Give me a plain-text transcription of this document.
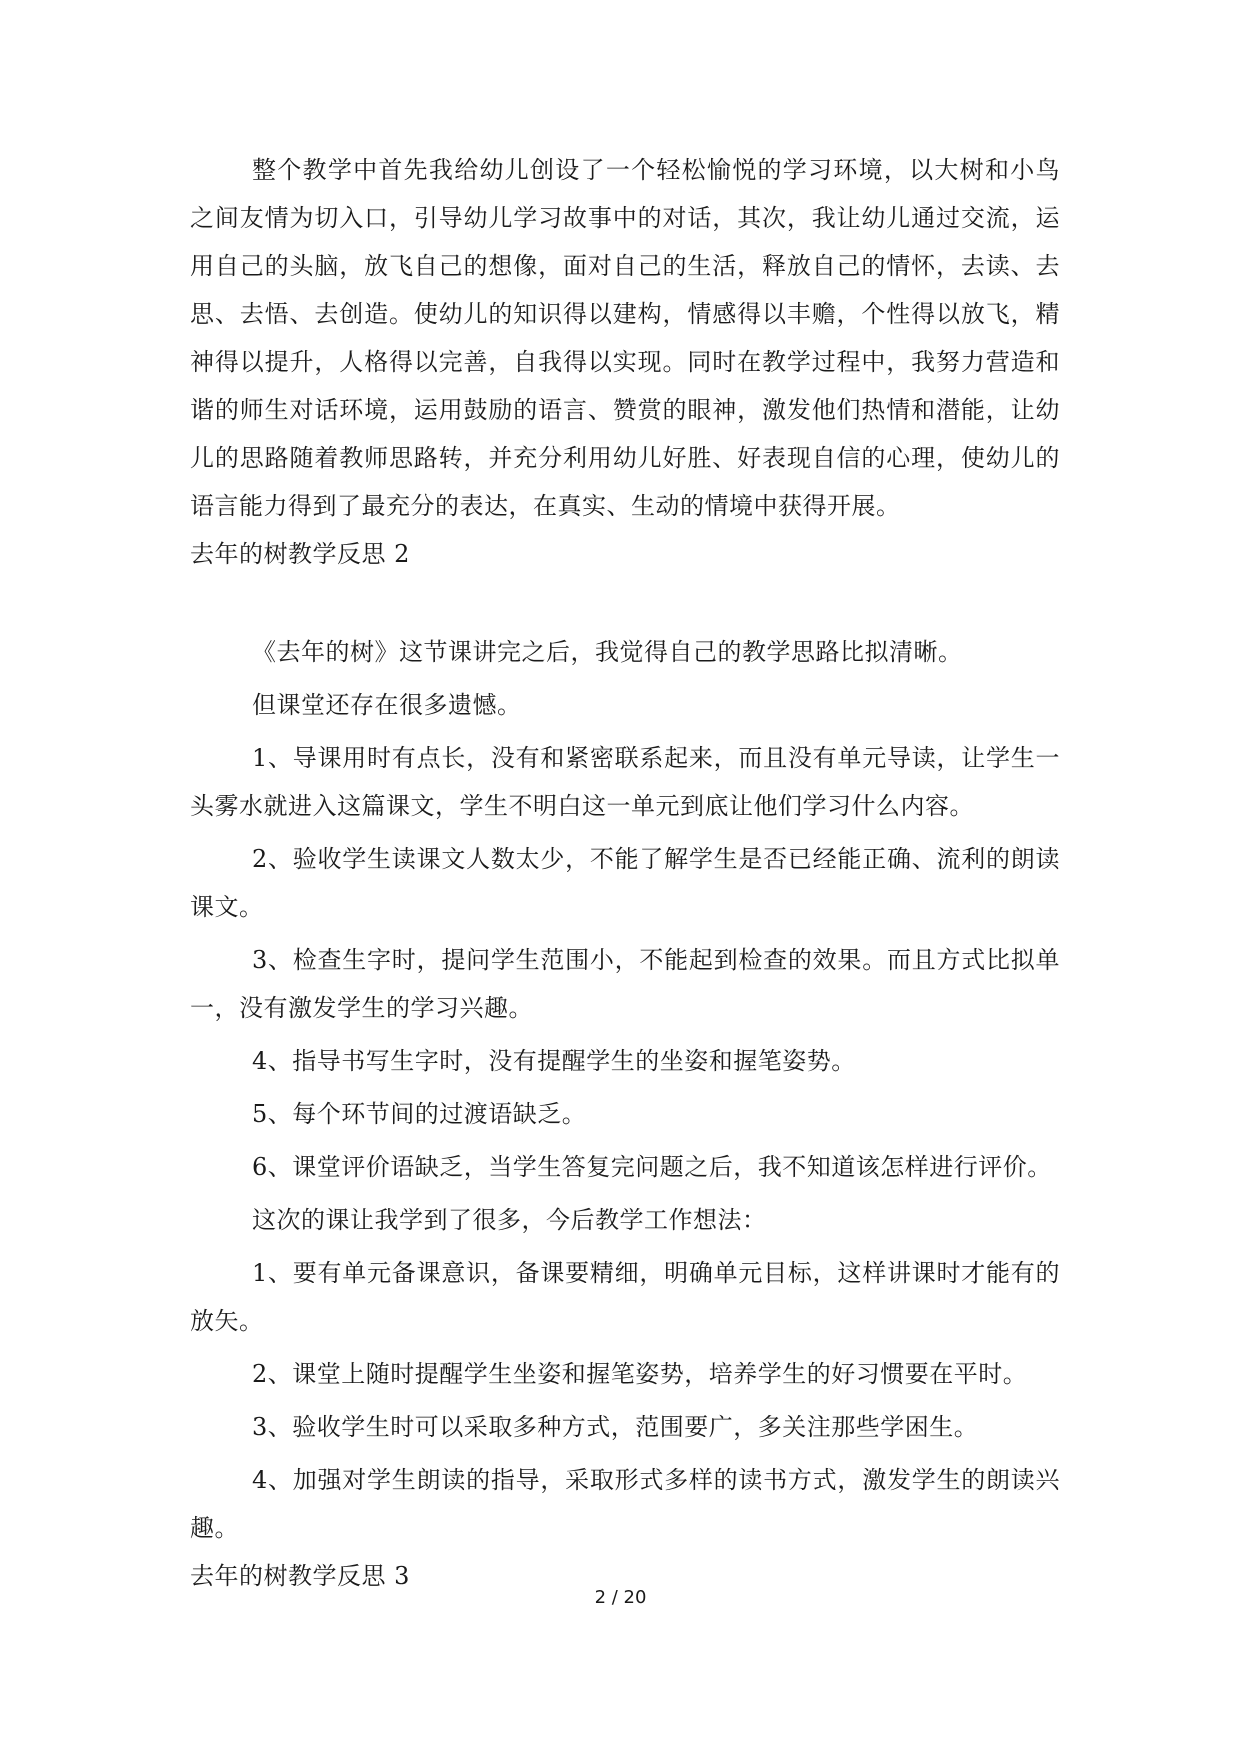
整个教学中首先我给幼儿创设了一个轻松愉悦的学习环境，以大树和小鸟之间友情为切入口，引导幼儿学习故事中的对话，其次，我让幼儿通过交流，运用自己的头脑，放飞自己的想像，面对自己的生活，释放自己的情怀，去读、去思、去悟、去创造。使幼儿的知识得以建构，情感得以丰赡，个性得以放飞，精神得以提升，人格得以完善，自我得以实现。同时在教学过程中，我努力营造和谐的师生对话环境，运用鼓励的语言、赞赏的眼神，激发他们热情和潜能，让幼儿的思路随着教师思路转，并充分利用幼儿好胜、好表现自信的心理，使幼儿的语言能力得到了最充分的表达，在真实、生动的情境中获得开展。

去年的树教学反思 2

《去年的树》这节课讲完之后，我觉得自己的教学思路比拟清晰。

但课堂还存在很多遗憾。

1、导课用时有点长，没有和紧密联系起来，而且没有单元导读，让学生一头雾水就进入这篇课文，学生不明白这一单元到底让他们学习什么内容。

2、验收学生读课文人数太少，不能了解学生是否已经能正确、流利的朗读课文。

3、检查生字时，提问学生范围小，不能起到检查的效果。而且方式比拟单一，没有激发学生的学习兴趣。

4、指导书写生字时，没有提醒学生的坐姿和握笔姿势。

5、每个环节间的过渡语缺乏。

6、课堂评价语缺乏，当学生答复完问题之后，我不知道该怎样进行评价。

这次的课让我学到了很多，今后教学工作想法：

1、要有单元备课意识，备课要精细，明确单元目标，这样讲课时才能有的放矢。

2、课堂上随时提醒学生坐姿和握笔姿势，培养学生的好习惯要在平时。

3、验收学生时可以采取多种方式，范围要广，多关注那些学困生。

4、加强对学生朗读的指导，采取形式多样的读书方式，激发学生的朗读兴趣。

去年的树教学反思 3

2 / 20
